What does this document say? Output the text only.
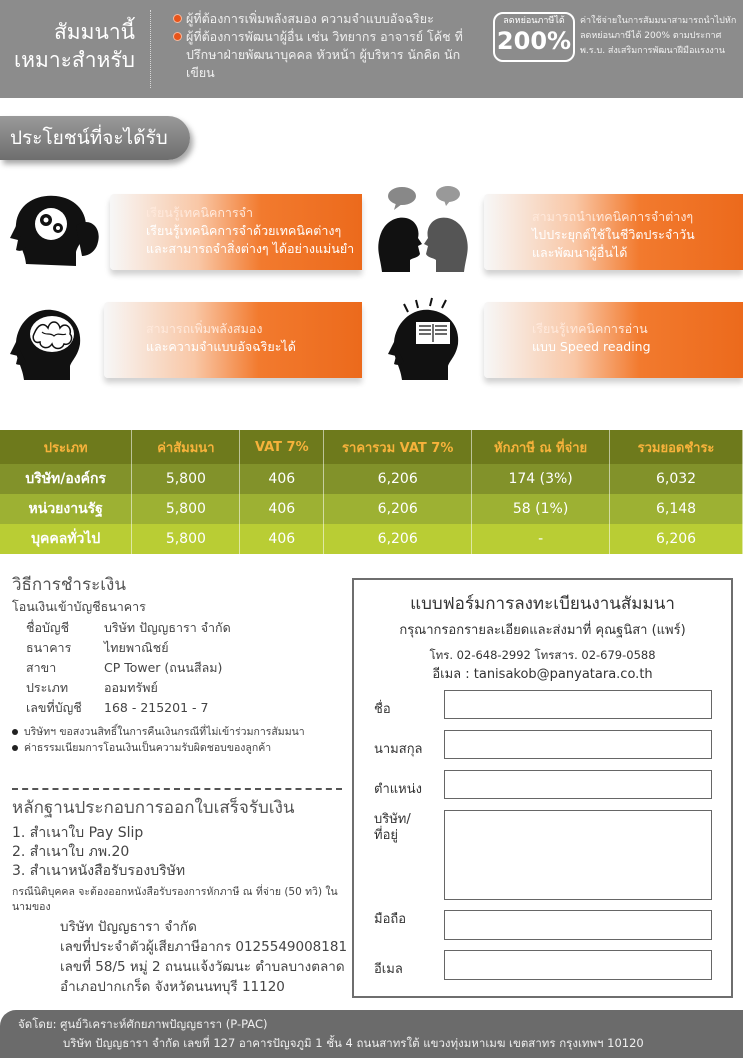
สัมมนานี้
เหมาะสำหรับ
ผู้ที่ต้องการเพิ่มพลังสมอง ความจำแบบอัจฉริยะ
ผู้ที่ต้องการพัฒนาผู้อื่น เช่น วิทยากร อาจารย์ โค้ช ที่ปรึกษาฝ่ายพัฒนาบุคคล หัวหน้า ผู้บริหาร นักคิด นักเขียน
ลดหย่อนภาษีได้
200%
ค่าใช้จ่ายในการสัมมนาสามารถนำไปหักลดหย่อนภาษีได้ 200% ตามประกาศ พ.ร.บ. ส่งเสริมการพัฒนาฝีมือแรงงาน
ประโยชน์ที่จะได้รับ
เรียนรู้เทคนิคการจำ
เรียนรู้เทคนิคการจำด้วยเทคนิคต่างๆ
และสามารถจำสิ่งต่างๆ ได้อย่างแม่นยำ
สามารถนำเทคนิคการจำต่างๆ
ไปประยุกต์ใช้ในชีวิตประจำวัน
และพัฒนาผู้อื่นได้
สามารถเพิ่มพลังสมอง
และความจำแบบอัจฉริยะได้
เรียนรู้เทคนิคการอ่าน
แบบ Speed reading
ประเภท	ค่าสัมมนา	VAT 7%	ราคารวม VAT 7%	หักภาษี ณ ที่จ่าย	รวมยอดชำระ
บริษัท/องค์กร	5,800	406	6,206	174 (3%)	6,032
หน่วยงานรัฐ	5,800	406	6,206	58 (1%)	6,148
บุคคลทั่วไป	5,800	406	6,206	-	6,206
วิธีการชำระเงิน
โอนเงินเข้าบัญชีธนาคาร
ชื่อบัญชี	บริษัท ปัญญธารา จำกัด
ธนาคาร	ไทยพาณิชย์
สาขา	CP Tower (ถนนสีลม)
ประเภท	ออมทรัพย์
เลขที่บัญชี	168 - 215201 - 7
บริษัทฯ ขอสงวนสิทธิ์ในการคืนเงินกรณีที่ไม่เข้าร่วมการสัมมนา
ค่าธรรมเนียมการโอนเงินเป็นความรับผิดชอบของลูกค้า
หลักฐานประกอบการออกใบเสร็จรับเงิน
1. สำเนาใบ Pay Slip
2. สำเนาใบ ภพ.20
3. สำเนาหนังสือรับรองบริษัท
กรณีนิติบุคคล จะต้องออกหนังสือรับรองการหักภาษี ณ ที่จ่าย (50 ทวิ) ในนามของ
บริษัท ปัญญธารา จำกัด
เลขที่ประจำตัวผู้เสียภาษีอากร 0125549008181
เลขที่ 58/5 หมู่ 2 ถนนแจ้งวัฒนะ ตำบลบางตลาด
อำเภอปากเกร็ด จังหวัดนนทบุรี 11120
แบบฟอร์มการลงทะเบียนงานสัมมนา
กรุณากรอกรายละเอียดและส่งมาที่ คุณฐนิสา (แพร์)
โทร. 02-648-2992 โทรสาร. 02-679-0588
อีเมล : tanisakob@panyatara.co.th
ชื่อ
นามสกุล
ตำแหน่ง
บริษัท/
ที่อยู่
มือถือ
อีเมล
จัดโดย: ศูนย์วิเคราะห์ศักยภาพปัญญธารา (P-PAC)
บริษัท ปัญญธารา จำกัด เลขที่ 127 อาคารปัญจภูมิ 1 ชั้น 4 ถนนสาทรใต้ แขวงทุ่งมหาเมฆ เขตสาทร กรุงเทพฯ 10120
